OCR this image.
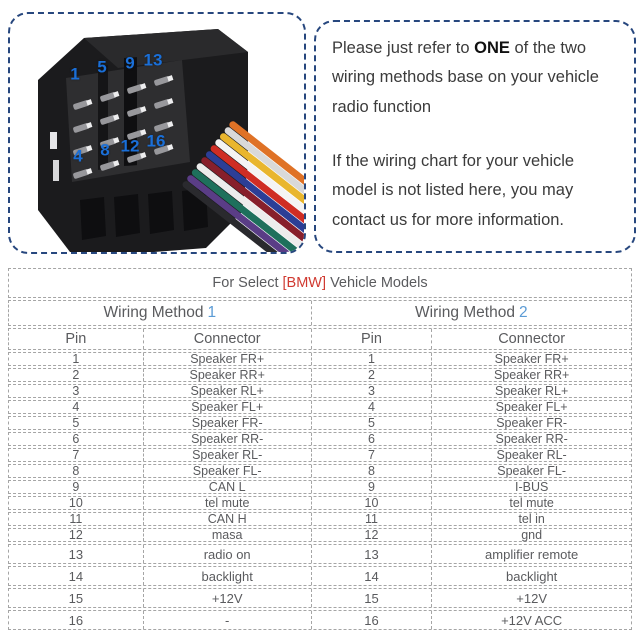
1 5 9 13
4 8 12 16

Please just refer to ONE of the two wiring methods base on your vehicle radio function

If the wiring chart for your vehicle model is not listed here, you may contact us for more information.

For Select
[BMW]
Vehicle Models
Wiring Method 1	Wiring Method 2
Pin	Connector	Pin	Connector
1	Speaker FR+	1	Speaker FR+
2	Speaker RR+	2	Speaker RR+
3	Speaker RL+	3	Speaker RL+
4	Speaker FL+	4	Speaker FL+
5	Speaker FR-	5	Speaker FR-
6	Speaker RR-	6	Speaker RR-
7	Speaker RL-	7	Speaker RL-
8	Speaker FL-	8	Speaker FL-
9	CAN L	9	I-BUS
10	tel mute	10	tel mute
11	CAN H	11	tel in
12	masa	12	gnd
13	radio on	13	amplifier remote
14	backlight	14	backlight
15	+12V	15	+12V
16	-	16	+12V ACC
